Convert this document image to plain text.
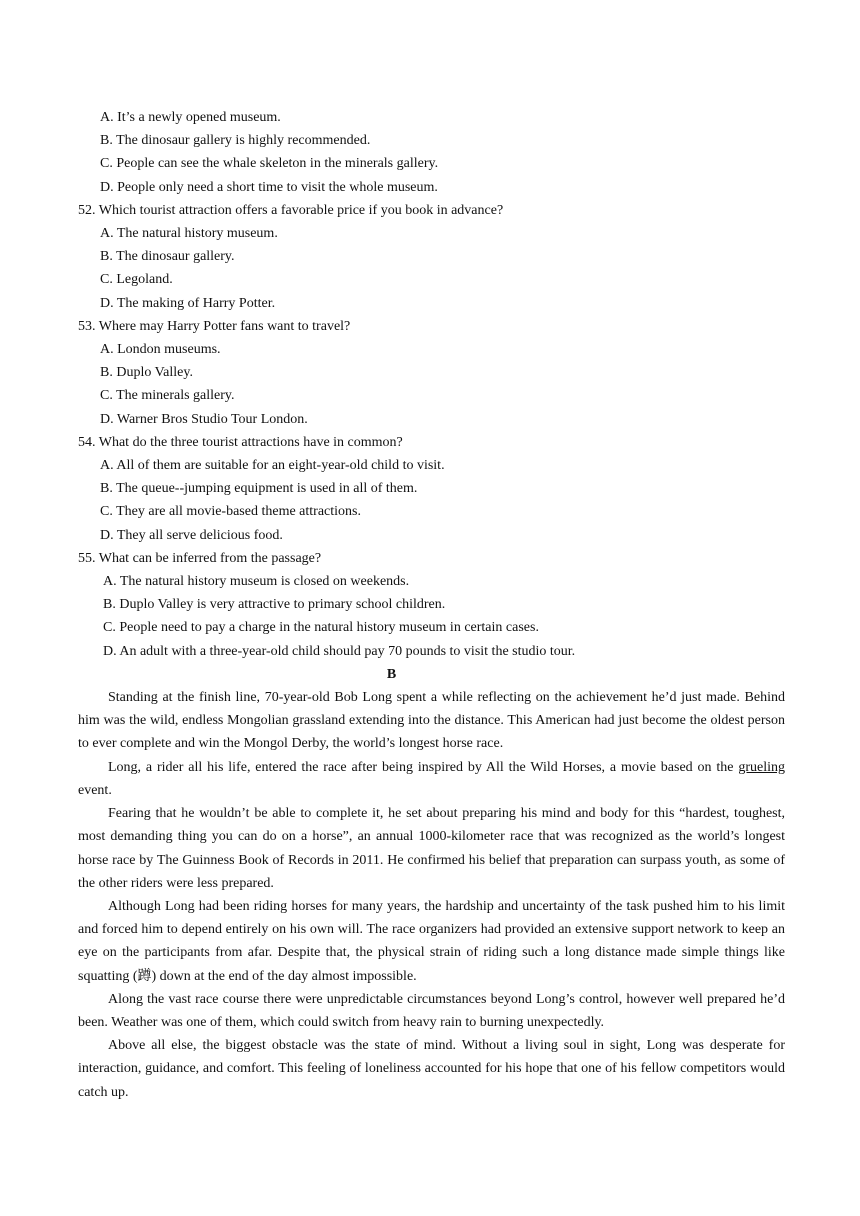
A. It’s a newly opened museum.
B. The dinosaur gallery is highly recommended.
C. People can see the whale skeleton in the minerals gallery.
D. People only need a short time to visit the whole museum.
52. Which tourist attraction offers a favorable price if you book in advance?
A. The natural history museum.
B. The dinosaur gallery.
C. Legoland.
D. The making of Harry Potter.
53. Where may Harry Potter fans want to travel?
A. London museums.
B. Duplo Valley.
C. The minerals gallery.
D. Warner Bros Studio Tour London.
54. What do the three tourist attractions have in common?
A. All of them are suitable for an eight-year-old child to visit.
B. The queue--jumping equipment is used in all of them.
C. They are all movie-based theme attractions.
D. They all serve delicious food.
55. What can be inferred from the passage?
A. The natural history museum is closed on weekends.
B. Duplo Valley is very attractive to primary school children.
C. People need to pay a charge in the natural history museum in certain cases.
D. An adult with a three-year-old child should pay 70 pounds to visit the studio tour.
B

Standing at the finish line, 70-year-old Bob Long spent a while reflecting on the achievement he’d just made. Behind him was the wild, endless Mongolian grassland extending into the distance. This American had just become the oldest person to ever complete and win the Mongol Derby, the world’s longest horse race.

Long, a rider all his life, entered the race after being inspired by All the Wild Horses, a movie based on the grueling event.

Fearing that he wouldn’t be able to complete it, he set about preparing his mind and body for this “hardest, toughest, most demanding thing you can do on a horse”, an annual 1000-kilometer race that was recognized as the world’s longest horse race by The Guinness Book of Records in 2011. He confirmed his belief that preparation can surpass youth, as some of the other riders were less prepared.

Although Long had been riding horses for many years, the hardship and uncertainty of the task pushed him to his limit and forced him to depend entirely on his own will. The race organizers had provided an extensive support network to keep an eye on the participants from afar. Despite that, the physical strain of riding such a long distance made simple things like squatting (蹲) down at the end of the day almost impossible.

Along the vast race course there were unpredictable circumstances beyond Long’s control, however well prepared he’d been. Weather was one of them, which could switch from heavy rain to burning unexpectedly.

Above all else, the biggest obstacle was the state of mind. Without a living soul in sight, Long was desperate for interaction, guidance, and comfort. This feeling of loneliness accounted for his hope that one of his fellow competitors would catch up.
